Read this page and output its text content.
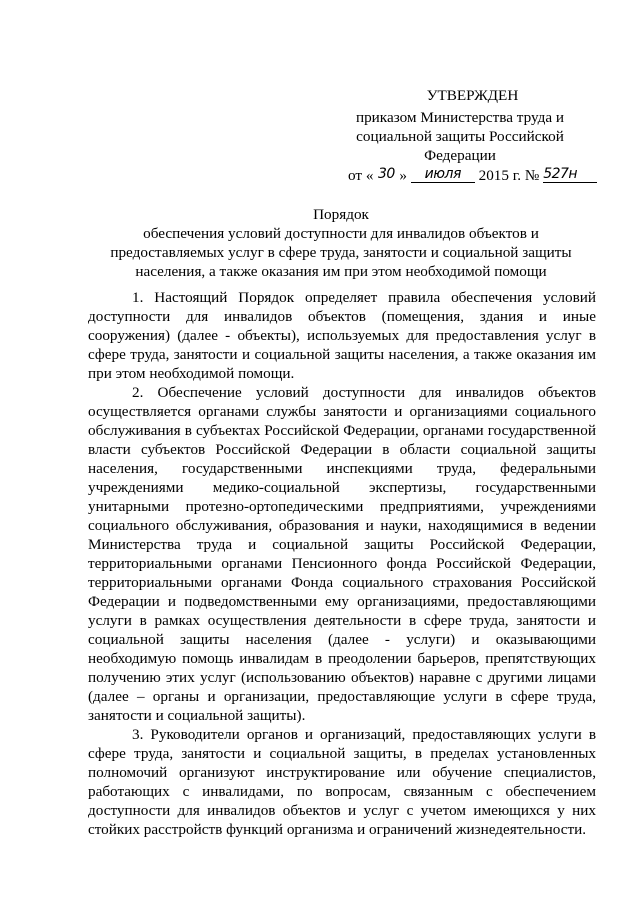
УТВЕРЖДЕН
приказом Министерства труда и
социальной защиты Российской
Федерации
от « 30 » июля 2015 г. № 527н
Порядок
обеспечения условий доступности для инвалидов объектов и
предоставляемых услуг в сфере труда, занятости и социальной защиты
населения, а также оказания им при этом необходимой помощи

1. Настоящий Порядок определяет правила обеспечения условий доступности для инвалидов объектов (помещения, здания и иные сооружения) (далее - объекты), используемых для предоставления услуг в сфере труда, занятости и социальной защиты населения, а также оказания им при этом необходимой помощи.

2. Обеспечение условий доступности для инвалидов объектов осуществляется органами службы занятости и организациями социального обслуживания в субъектах Российской Федерации, органами государственной власти субъектов Российской Федерации в области социальной защиты населения, государственными инспекциями труда, федеральными учреждениями медико-социальной экспертизы, государственными унитарными протезно-ортопедическими предприятиями, учреждениями социального обслуживания, образования и науки, находящимися в ведении Министерства труда и социальной защиты Российской Федерации, территориальными органами Пенсионного фонда Российской Федерации, территориальными органами Фонда социального страхования Российской Федерации и подведомственными ему организациями, предоставляющими услуги в рамках осуществления деятельности в сфере труда, занятости и социальной защиты населения (далее - услуги) и оказывающими необходимую помощь инвалидам в преодолении барьеров, препятствующих получению этих услуг (использованию объектов) наравне с другими лицами (далее – органы и организации, предоставляющие услуги в сфере труда, занятости и социальной защиты).

3. Руководители органов и организаций, предоставляющих услуги в сфере труда, занятости и социальной защиты, в пределах установленных полномочий организуют инструктирование или обучение специалистов, работающих с инвалидами, по вопросам, связанным с обеспечением доступности для инвалидов объектов и услуг с учетом имеющихся у них стойких расстройств функций организма и ограничений жизнедеятельности.
